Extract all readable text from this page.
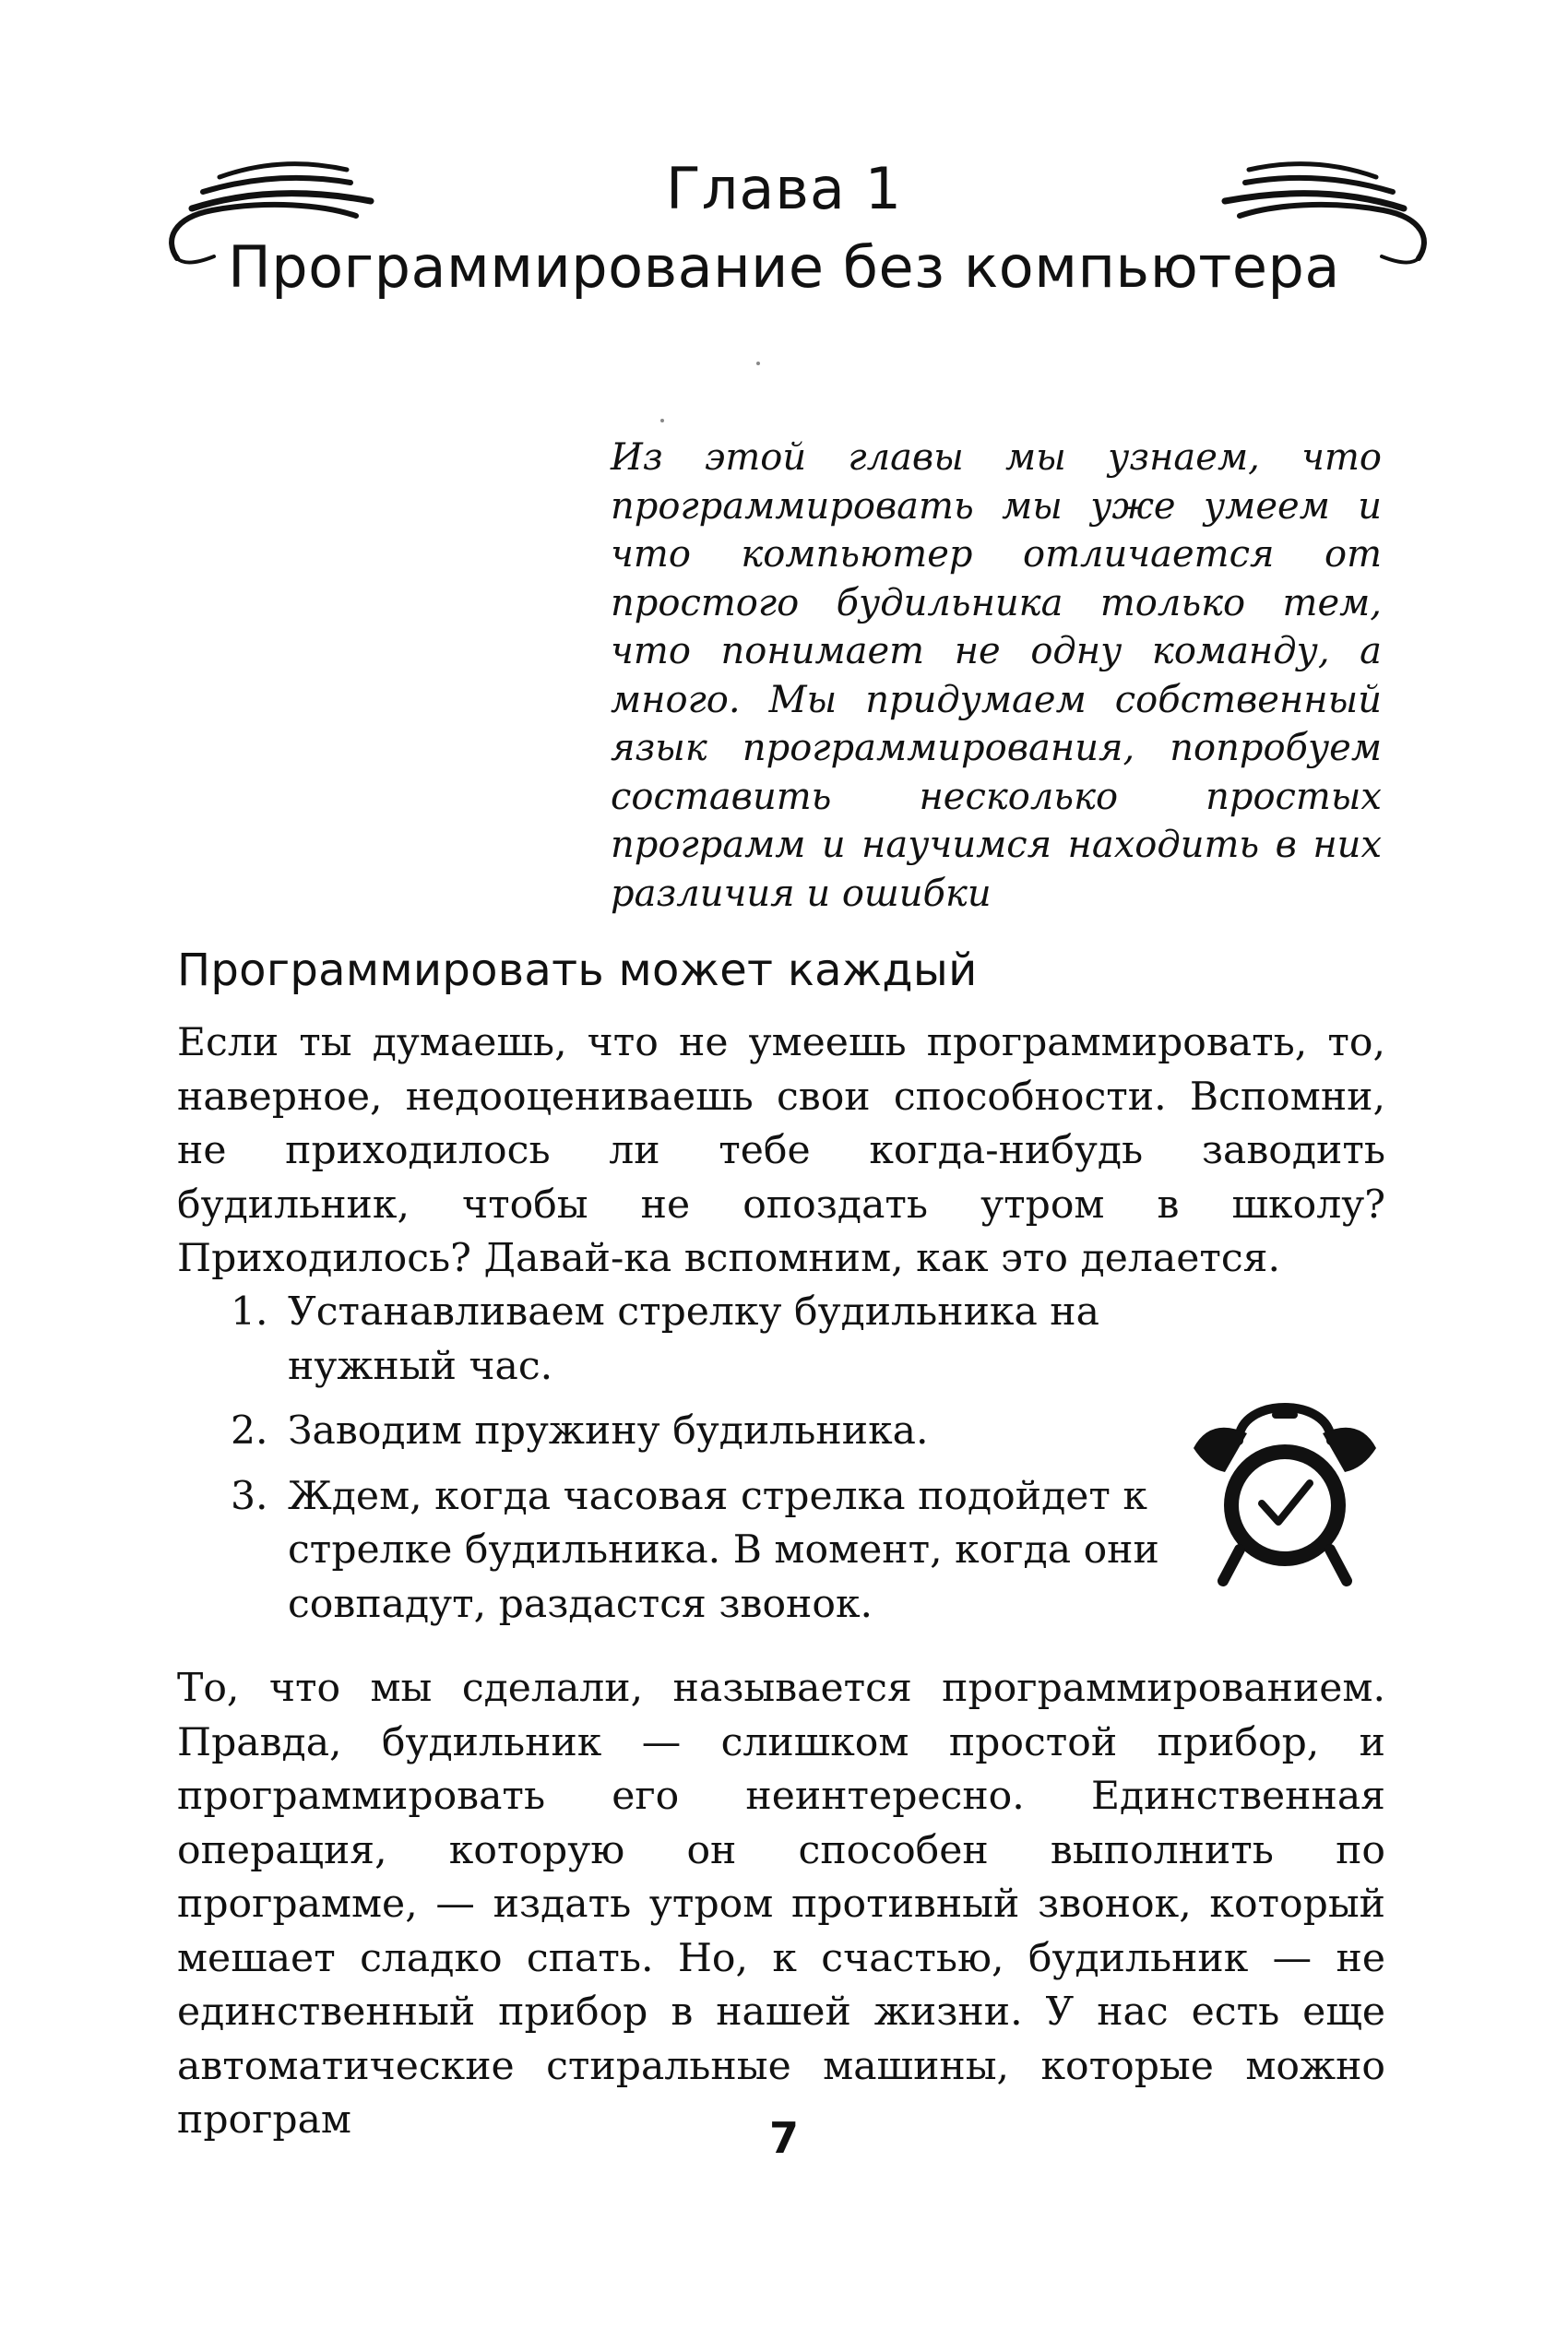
Глава 1
Программирование без компьютера

Из этой главы мы узнаем, что программировать мы уже умеем и что компьютер отличается от простого будильника только тем, что понимает не одну команду, а много. Мы придумаем собственный язык программирования, попробуем составить несколько простых программ и научимся находить в них различия и ошибки

Программировать может каждый

Если ты думаешь, что не умеешь программировать, то, наверное, недооцениваешь свои способности. Вспомни, не приходилось ли тебе когда-нибудь заводить будильник, чтобы не опоздать утром в школу? Приходилось? Давай-ка вспомним, как это делается.

1. Устанавливаем стрелку будильника на нужный час.
2. Заводим пружину будильника.
3. Ждем, когда часовая стрелка подойдет к стрелке будильника. В момент, когда они совпадут, раздастся звонок.

То, что мы сделали, называется программированием. Правда, будильник — слишком простой прибор, и программировать его неинтересно. Единственная операция, которую он способен выполнить по программе, — издать утром противный звонок, который мешает сладко спать. Но, к счастью, будильник — не единственный прибор в нашей жизни. У нас есть еще автоматические стиральные машины, которые можно програм	7
